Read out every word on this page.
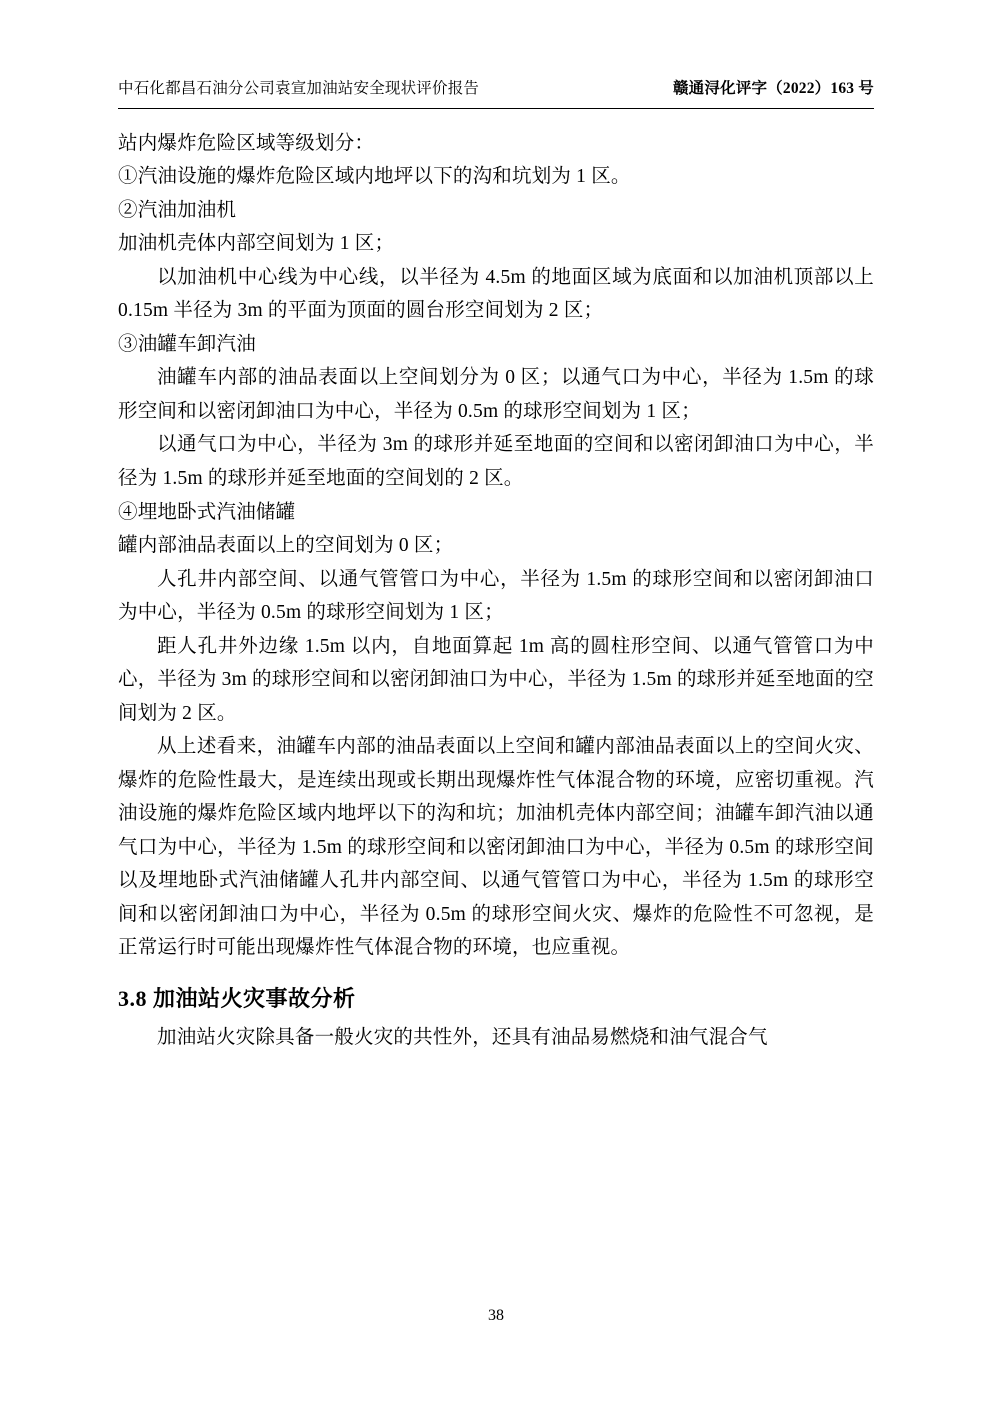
中石化都昌石油分公司袁宣加油站安全现状评价报告	赣通浔化评字（2022）163 号

站内爆炸危险区域等级划分：

①汽油设施的爆炸危险区域内地坪以下的沟和坑划为 1 区。

②汽油加油机

加油机壳体内部空间划为 1 区；

以加油机中心线为中心线，以半径为 4.5m 的地面区域为底面和以加油机顶部以上 0.15m 半径为 3m 的平面为顶面的圆台形空间划为 2 区；

③油罐车卸汽油

油罐车内部的油品表面以上空间划分为 0 区；以通气口为中心，半径为 1.5m 的球形空间和以密闭卸油口为中心，半径为 0.5m 的球形空间划为 1 区；

以通气口为中心，半径为 3m 的球形并延至地面的空间和以密闭卸油口为中心，半径为 1.5m 的球形并延至地面的空间划的 2 区。

④埋地卧式汽油储罐

罐内部油品表面以上的空间划为 0 区；

人孔井内部空间、以通气管管口为中心，半径为 1.5m 的球形空间和以密闭卸油口为中心，半径为 0.5m 的球形空间划为 1 区；

距人孔井外边缘 1.5m 以内，自地面算起 1m 高的圆柱形空间、以通气管管口为中心，半径为 3m 的球形空间和以密闭卸油口为中心，半径为 1.5m 的球形并延至地面的空间划为 2 区。

从上述看来，油罐车内部的油品表面以上空间和罐内部油品表面以上的空间火灾、爆炸的危险性最大，是连续出现或长期出现爆炸性气体混合物的环境，应密切重视。汽油设施的爆炸危险区域内地坪以下的沟和坑；加油机壳体内部空间；油罐车卸汽油以通气口为中心，半径为 1.5m 的球形空间和以密闭卸油口为中心，半径为 0.5m 的球形空间以及埋地卧式汽油储罐人孔井内部空间、以通气管管口为中心，半径为 1.5m 的球形空间和以密闭卸油口为中心，半径为 0.5m 的球形空间火灾、爆炸的危险性不可忽视，是正常运行时可能出现爆炸性气体混合物的环境，也应重视。

3.8 加油站火灾事故分析

加油站火灾除具备一般火灾的共性外，还具有油品易燃烧和油气混合气

38
